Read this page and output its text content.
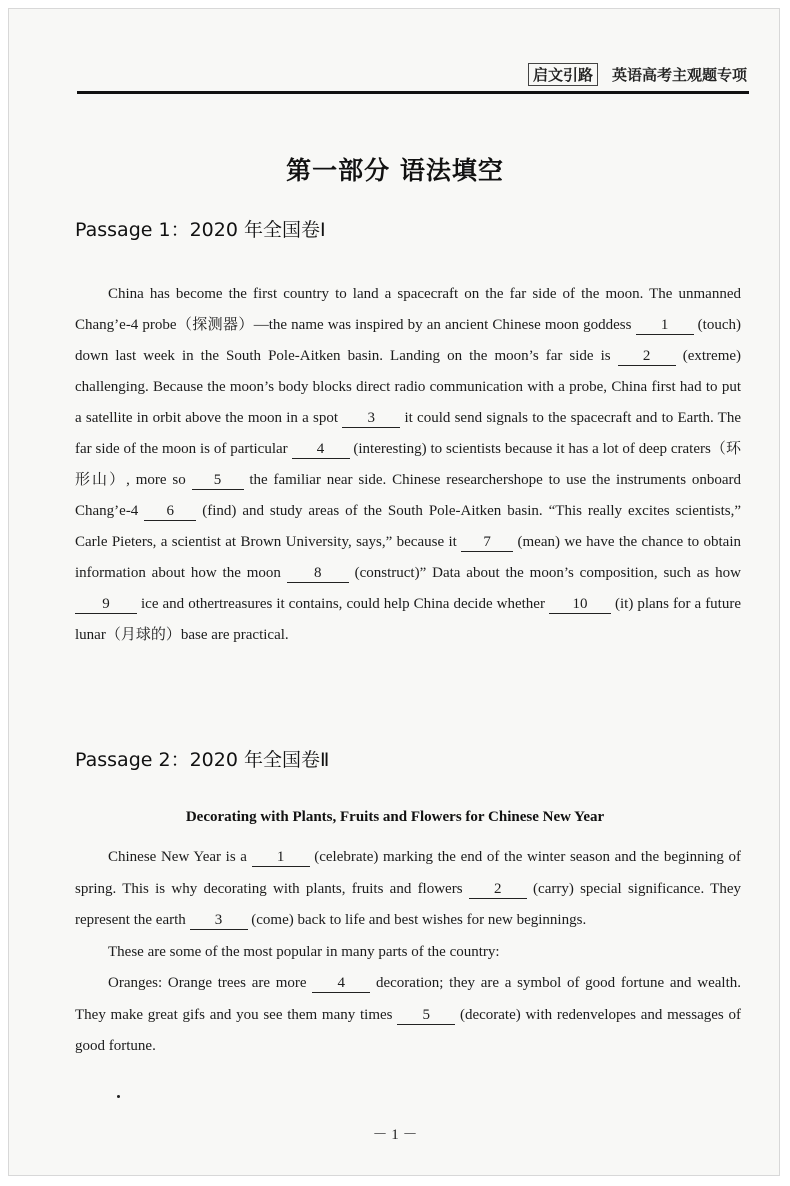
启文引路	英语高考主观题专项
第一部分 语法填空
Passage 1：2020 年全国卷Ⅰ
China has become the first country to land a spacecraft on the far side of the moon. The unmanned Chang’e-4 probe（探测器）—the name was inspired by an ancient Chinese moon goddess 1 (touch) down last week in the South Pole-Aitken basin. Landing on the moon’s far side is 2 (extreme) challenging. Because the moon’s body blocks direct radio communication with a probe, China first had to put a satellite in orbit above the moon in a spot 3 it could send signals to the spacecraft and to Earth. The far side of the moon is of particular 4 (interesting) to scientists because it has a lot of deep craters（环形山）, more so 5 the familiar near side. Chinese researchershope to use the instruments onboard Chang’e-4 6 (find) and study areas of the South Pole-Aitken basin. “This really excites scientists,” Carle Pieters, a scientist at Brown University, says,” because it 7 (mean) we have the chance to obtain information about how the moon 8 (construct)” Data about the moon’s composition, such as how 9 ice and othertreasures it contains, could help China decide whether 10 (it) plans for a future lunar（月球的）base are practical.
Passage 2：2020 年全国卷Ⅱ
Decorating with Plants, Fruits and Flowers for Chinese New Year

Chinese New Year is a 1 (celebrate) marking the end of the winter season and the beginning of spring. This is why decorating with plants, fruits and flowers 2 (carry) special significance. They represent the earth 3 (come) back to life and best wishes for new beginnings.

These are some of the most popular in many parts of the country:

Oranges: Orange trees are more 4 decoration; they are a symbol of good fortune and wealth. They make great gifs and you see them many times 5 (decorate) with redenvelopes and messages of good fortune.

－ 1 －
